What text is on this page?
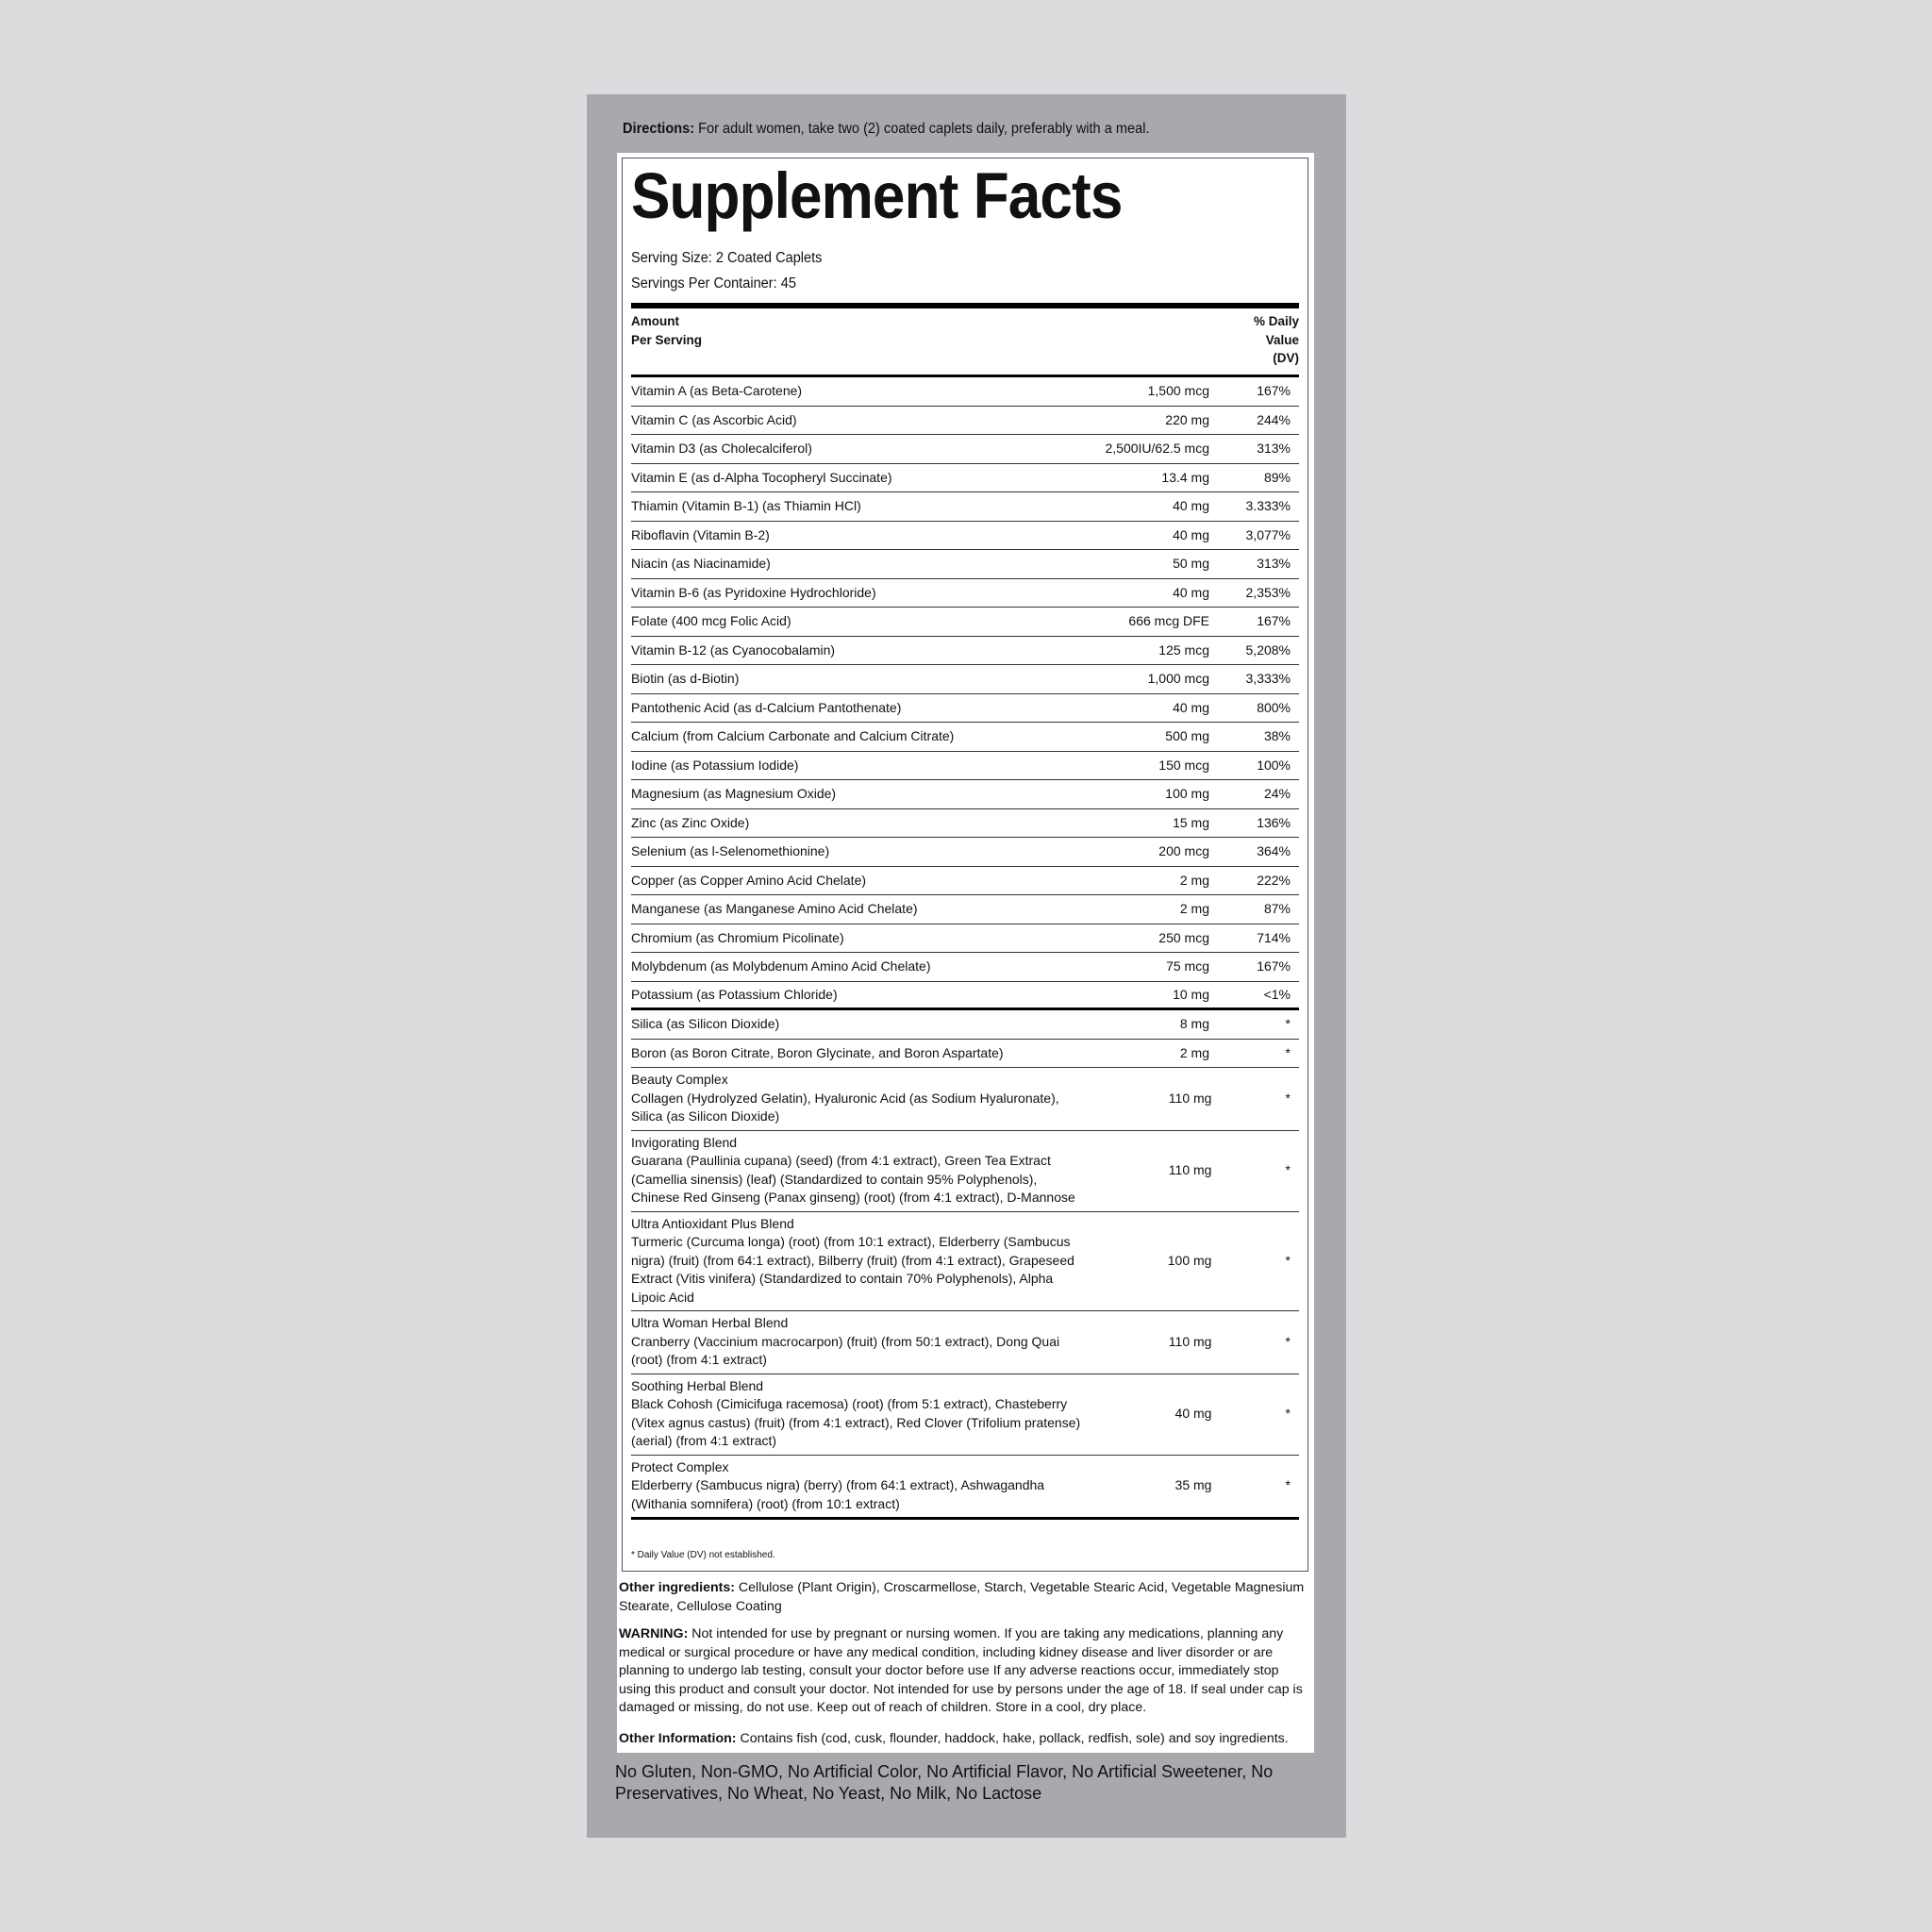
Directions: For adult women, take two (2) coated caplets daily, preferably with a meal.
Supplement Facts
Serving Size: 2 Coated Caplets
Servings Per Container: 45
Amount
Per Serving
% Daily
Value
(DV)
Vitamin A (as Beta-Carotene)	1,500 mcg	167%
Vitamin C (as Ascorbic Acid)	220 mg	244%
Vitamin D3 (as Cholecalciferol)	2,500IU/62.5 mcg	313%
Vitamin E (as d-Alpha Tocopheryl Succinate)	13.4 mg	89%
Thiamin (Vitamin B-1) (as Thiamin HCl)	40 mg	3.333%
Riboflavin (Vitamin B-2)	40 mg	3,077%
Niacin (as Niacinamide)	50 mg	313%
Vitamin B-6 (as Pyridoxine Hydrochloride)	40 mg	2,353%
Folate (400 mcg Folic Acid)	666 mcg DFE	167%
Vitamin B-12 (as Cyanocobalamin)	125 mcg	5,208%
Biotin (as d-Biotin)	1,000 mcg	3,333%
Pantothenic Acid (as d-Calcium Pantothenate)	40 mg	800%
Calcium (from Calcium Carbonate and Calcium Citrate)	500 mg	38%
Iodine (as Potassium Iodide)	150 mcg	100%
Magnesium (as Magnesium Oxide)	100 mg	24%
Zinc (as Zinc Oxide)	15 mg	136%
Selenium (as l-Selenomethionine)	200 mcg	364%
Copper (as Copper Amino Acid Chelate)	2 mg	222%
Manganese (as Manganese Amino Acid Chelate)	2 mg	87%
Chromium (as Chromium Picolinate)	250 mcg	714%
Molybdenum (as Molybdenum Amino Acid Chelate)	75 mcg	167%
Potassium (as Potassium Chloride)	10 mg	<1%
Silica (as Silicon Dioxide)	8 mg	*
Boron (as Boron Citrate, Boron Glycinate, and Boron Aspartate)	2 mg	*
Beauty Complex
Collagen (Hydrolyzed Gelatin), Hyaluronic Acid (as Sodium Hyaluronate), Silica (as Silicon Dioxide)
110 mg	*
Invigorating Blend
Guarana (Paullinia cupana) (seed) (from 4:1 extract), Green Tea Extract (Camellia sinensis) (leaf) (Standardized to contain 95% Polyphenols), Chinese Red Ginseng (Panax ginseng) (root) (from 4:1 extract), D-Mannose
110 mg	*
Ultra Antioxidant Plus Blend
Turmeric (Curcuma longa) (root) (from 10:1 extract), Elderberry (Sambucus nigra) (fruit) (from 64:1 extract), Bilberry (fruit) (from 4:1 extract), Grapeseed Extract (Vitis vinifera) (Standardized to contain 70% Polyphenols), Alpha Lipoic Acid
100 mg	*
Ultra Woman Herbal Blend
Cranberry (Vaccinium macrocarpon) (fruit) (from 50:1 extract), Dong Quai (root) (from 4:1 extract)
110 mg	*
Soothing Herbal Blend
Black Cohosh (Cimicifuga racemosa) (root) (from 5:1 extract), Chasteberry (Vitex agnus castus) (fruit) (from 4:1 extract), Red Clover (Trifolium pratense) (aerial) (from 4:1 extract)
40 mg	*
Protect Complex
Elderberry (Sambucus nigra) (berry) (from 64:1 extract), Ashwagandha (Withania somnifera) (root) (from 10:1 extract)
35 mg	*
* Daily Value (DV) not established.
Other ingredients: Cellulose (Plant Origin), Croscarmellose, Starch, Vegetable Stearic Acid, Vegetable Magnesium Stearate, Cellulose Coating
WARNING: Not intended for use by pregnant or nursing women. If you are taking any medications, planning any medical or surgical procedure or have any medical condition, including kidney disease and liver disorder or are planning to undergo lab testing, consult your doctor before use If any adverse reactions occur, immediately stop using this product and consult your doctor. Not intended for use by persons under the age of 18. If seal under cap is damaged or missing, do not use. Keep out of reach of children. Store in a cool, dry place.
Other Information: Contains fish (cod, cusk, flounder, haddock, hake, pollack, redfish, sole) and soy ingredients.
No Gluten, Non-GMO, No Artificial Color, No Artificial Flavor, No Artificial Sweetener, No Preservatives, No Wheat, No Yeast, No Milk, No Lactose
